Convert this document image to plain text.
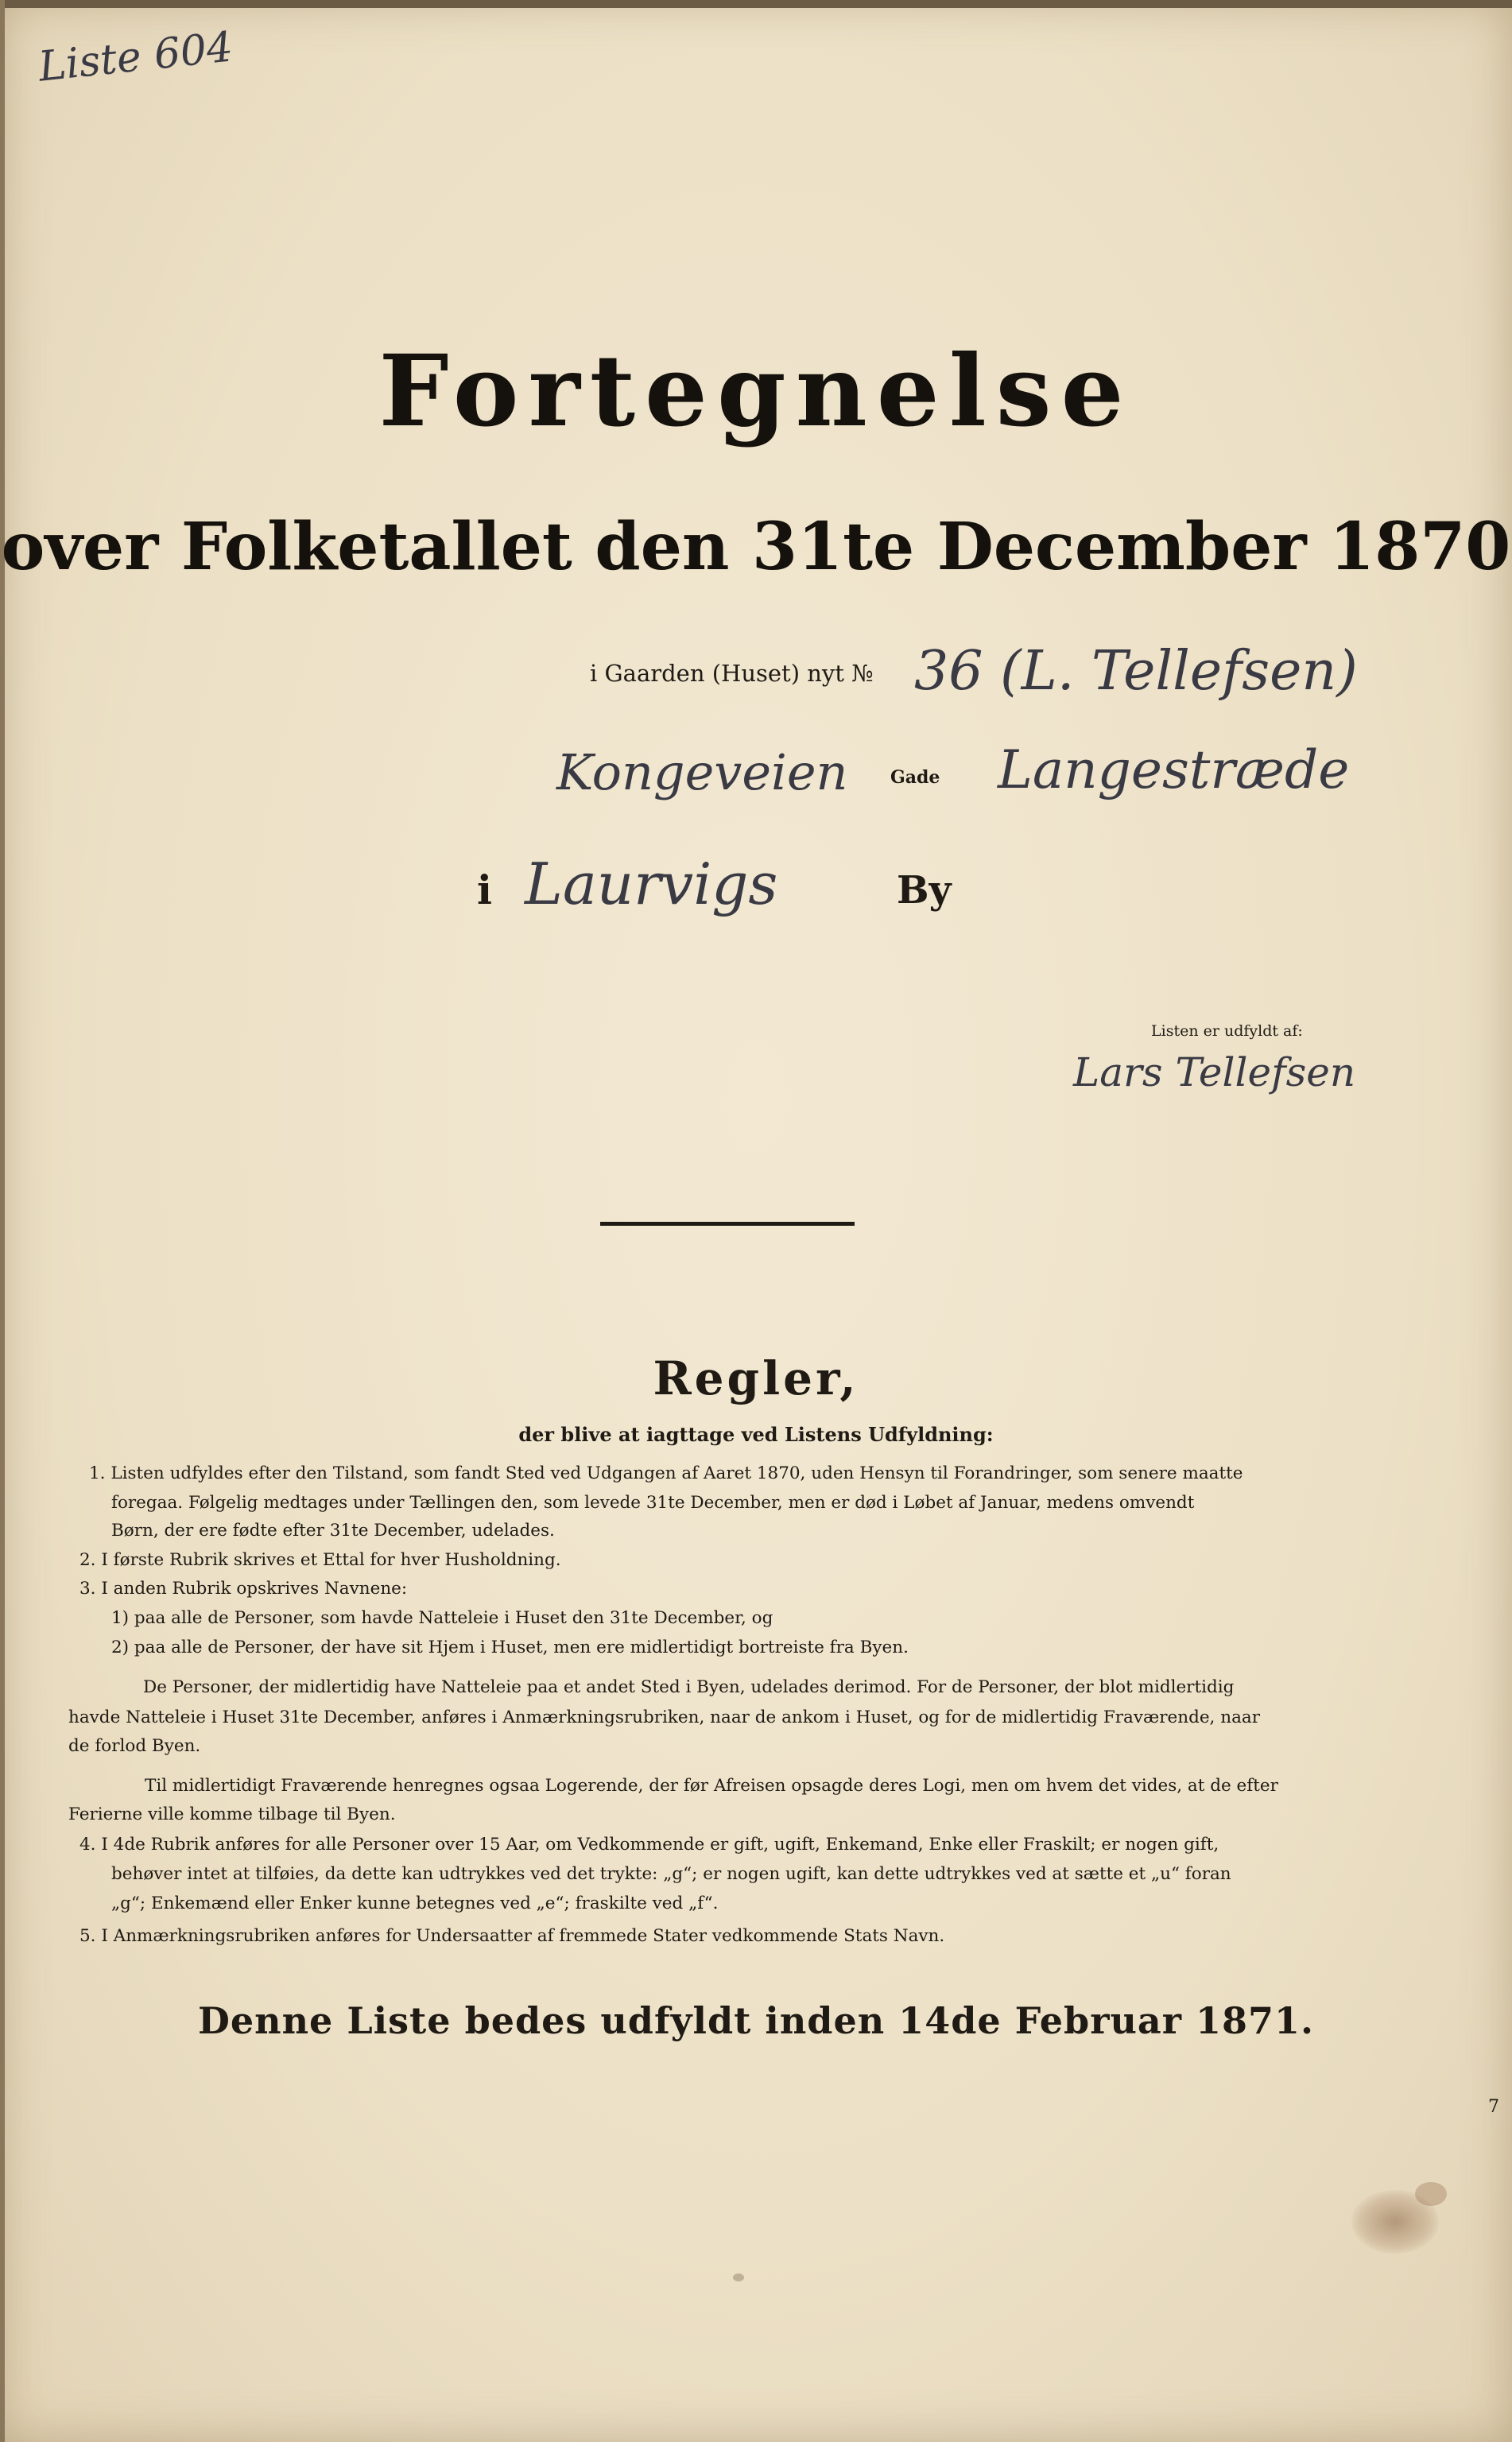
Liste 604
Fortegnelse
over Folketallet den 31te December 1870
i Gaarden (Huset) nyt № 36 (L. Tellefsen)
Kongeveien Gade Langestræde
i Laurvigs	By
Listen er udfyldt af:
Lars Tellefsen
Regler,
der blive at iagttage ved Listens Udfyldning:
1. Listen udfyldes efter den Tilstand, som fandt Sted ved Udgangen af Aaret 1870, uden Hensyn til Forandringer, som senere maatte
foregaa. Følgelig medtages under Tællingen den, som levede 31te December, men er død i Løbet af Januar, medens omvendt
Børn, der ere fødte efter 31te December, udelades.
2. I første Rubrik skrives et Ettal for hver Husholdning.
3. I anden Rubrik opskrives Navnene:
1) paa alle de Personer, som havde Natteleie i Huset den 31te December, og
2) paa alle de Personer, der have sit Hjem i Huset, men ere midlertidigt bortreiste fra Byen.
De Personer, der midlertidig have Natteleie paa et andet Sted i Byen, udelades derimod. For de Personer, der blot midlertidig
havde Natteleie i Huset 31te December, anføres i Anmærkningsrubriken, naar de ankom i Huset, og for de midlertidig Fraværende, naar
de forlod Byen.
Til midlertidigt Fraværende henregnes ogsaa Logerende, der før Afreisen opsagde deres Logi, men om hvem det vides, at de efter
Ferierne ville komme tilbage til Byen.
4. I 4de Rubrik anføres for alle Personer over 15 Aar, om Vedkommende er gift, ugift, Enkemand, Enke eller Fraskilt; er nogen gift,
behøver intet at tilføies, da dette kan udtrykkes ved det trykte: „g“; er nogen ugift, kan dette udtrykkes ved at sætte et „u“ foran
„g“; Enkemænd eller Enker kunne betegnes ved „e“; fraskilte ved „f“.
5. I Anmærkningsrubriken anføres for Undersaatter af fremmede Stater vedkommende Stats Navn.
Denne Liste bedes udfyldt inden 14de Februar 1871.
7
